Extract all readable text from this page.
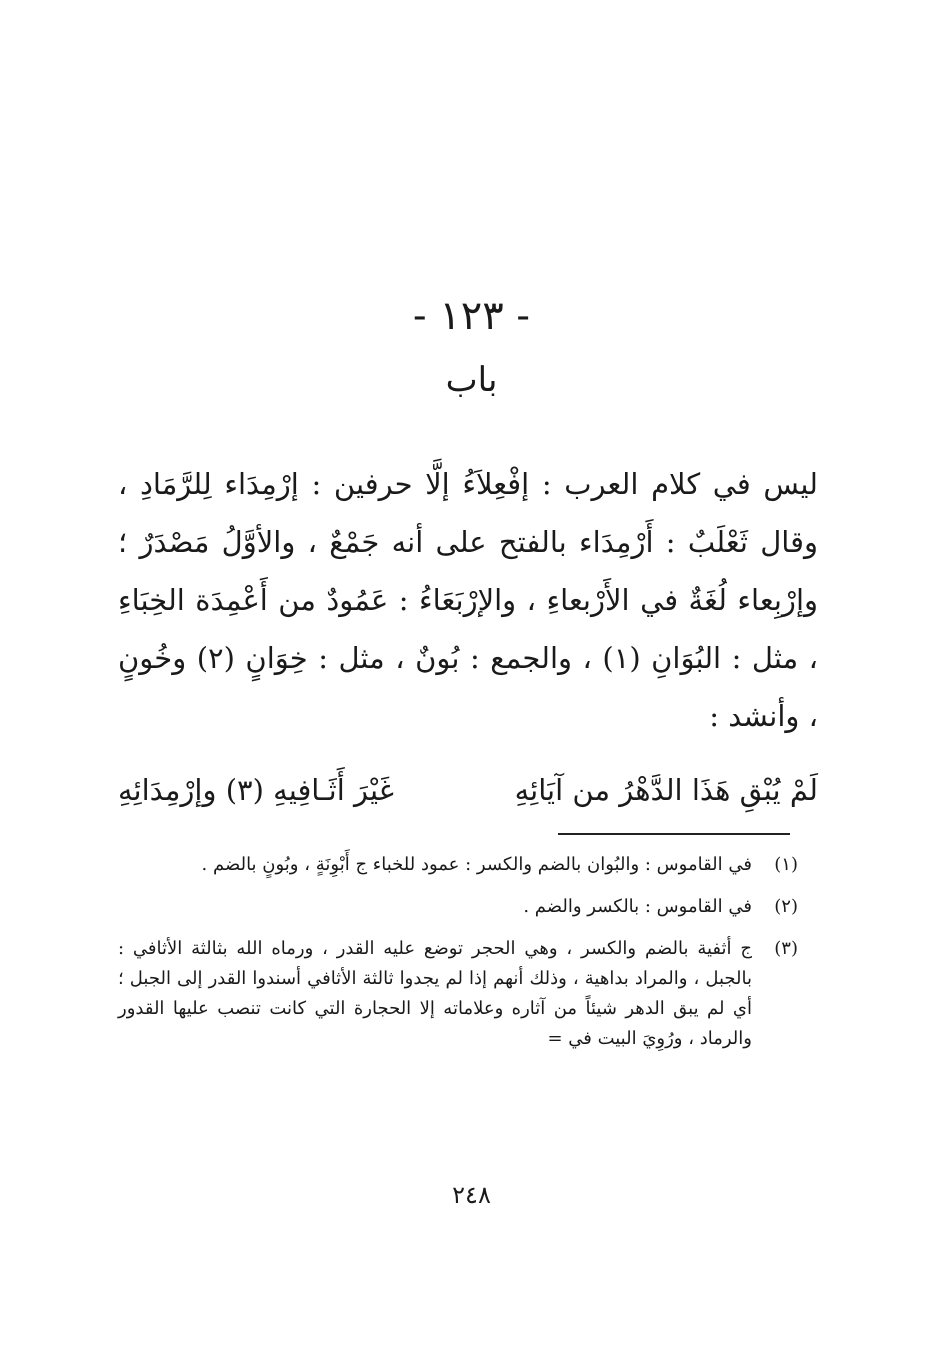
- ١٢٣ -
باب

ليس في كلام العرب : إفْعِلاَءُ إلَّا حرفين : إرْمِدَاء لِلرَّمَادِ ، وقال ثَعْلَبٌ : أَرْمِدَاء بالفتح على أنه جَمْعٌ ، والأوَّلُ مَصْدَرٌ ؛ وإرْبِعاء لُغَةٌ في الأَرْبعاءِ ، والإرْبَعَاءُ : عَمُودٌ من أَعْمِدَة الخِبَاءِ ، مثل : البُوَانِ (١) ، والجمع : بُونٌ ، مثل : خِوَانٍ (٢) وخُونٍ ، وأنشد :

لَمْ يُبْقِ هَذَا الدَّهْرُ من آيَائِهِ
غَيْرَ أَثَـافِيهِ (٣) وإرْمِدَائِهِ
(١)
في القاموس : والبُوان بالضم والكسر : عمود للخباء ج أَبْوِنَةٍ ، وبُونٍ بالضم .
(٢)
في القاموس : بالكسر والضم .
(٣)
ج أثفية بالضم والكسر ، وهي الحجر توضع عليه القدر ، ورماه الله بثالثة الأثافي : بالجبل ، والمراد بداهية ، وذلك أنهم إذا لم يجدوا ثالثة الأثافي أسندوا القدر إلى الجبل ؛ أي لم يبق الدهر شيئاً من آثاره وعلاماته إلا الحجارة التي كانت تنصب عليها القدور والرماد ، ورُوِيَ البيت في =
٢٤٨
